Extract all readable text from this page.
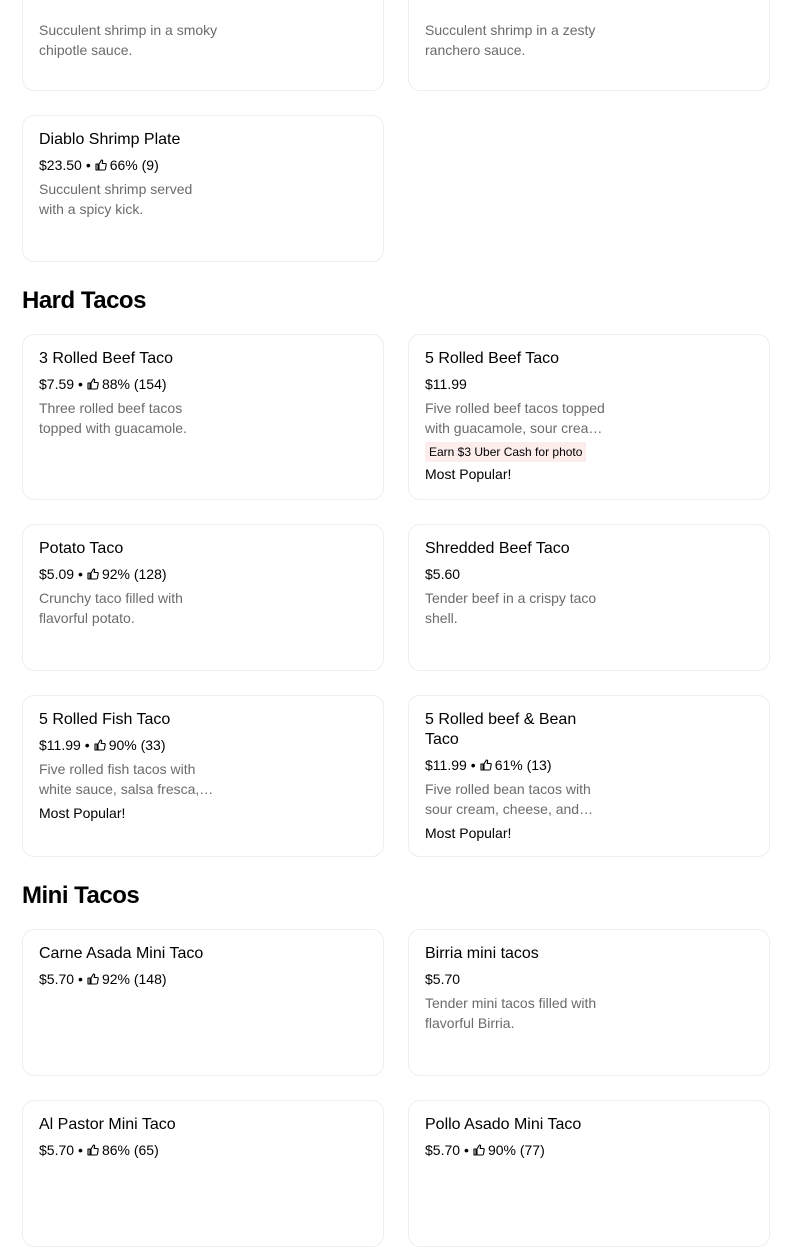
Succulent shrimp in a smoky chipotle sauce.
Succulent shrimp in a zesty ranchero sauce.
Diablo Shrimp Plate
$23.50 • 66% (9)
Succulent shrimp served with a spicy kick.
Hard Tacos
3 Rolled Beef Taco
$7.59 • 88% (154)
Three rolled beef tacos topped with guacamole.
5 Rolled Beef Taco
$11.99
Five rolled beef tacos topped with guacamole, sour cream,
Earn $3 Uber Cash for photo
Most Popular!
Potato Taco
$5.09 • 92% (128)
Crunchy taco filled with flavorful potato.
Shredded Beef Taco
$5.60
Tender beef in a crispy taco shell.
5 Rolled Fish Taco
$11.99 • 90% (33)
Five rolled fish tacos with white sauce, salsa fresca,
Most Popular!
5 Rolled beef & Bean Taco
$11.99 • 61% (13)
Five rolled bean tacos with sour cream, cheese, and
Most Popular!
Mini Tacos
Carne Asada Mini Taco
$5.70 • 92% (148)
Birria mini tacos
$5.70
Tender mini tacos filled with flavorful Birria.
Al Pastor Mini Taco
$5.70 • 86% (65)
Pollo Asado Mini Taco
$5.70 • 90% (77)
